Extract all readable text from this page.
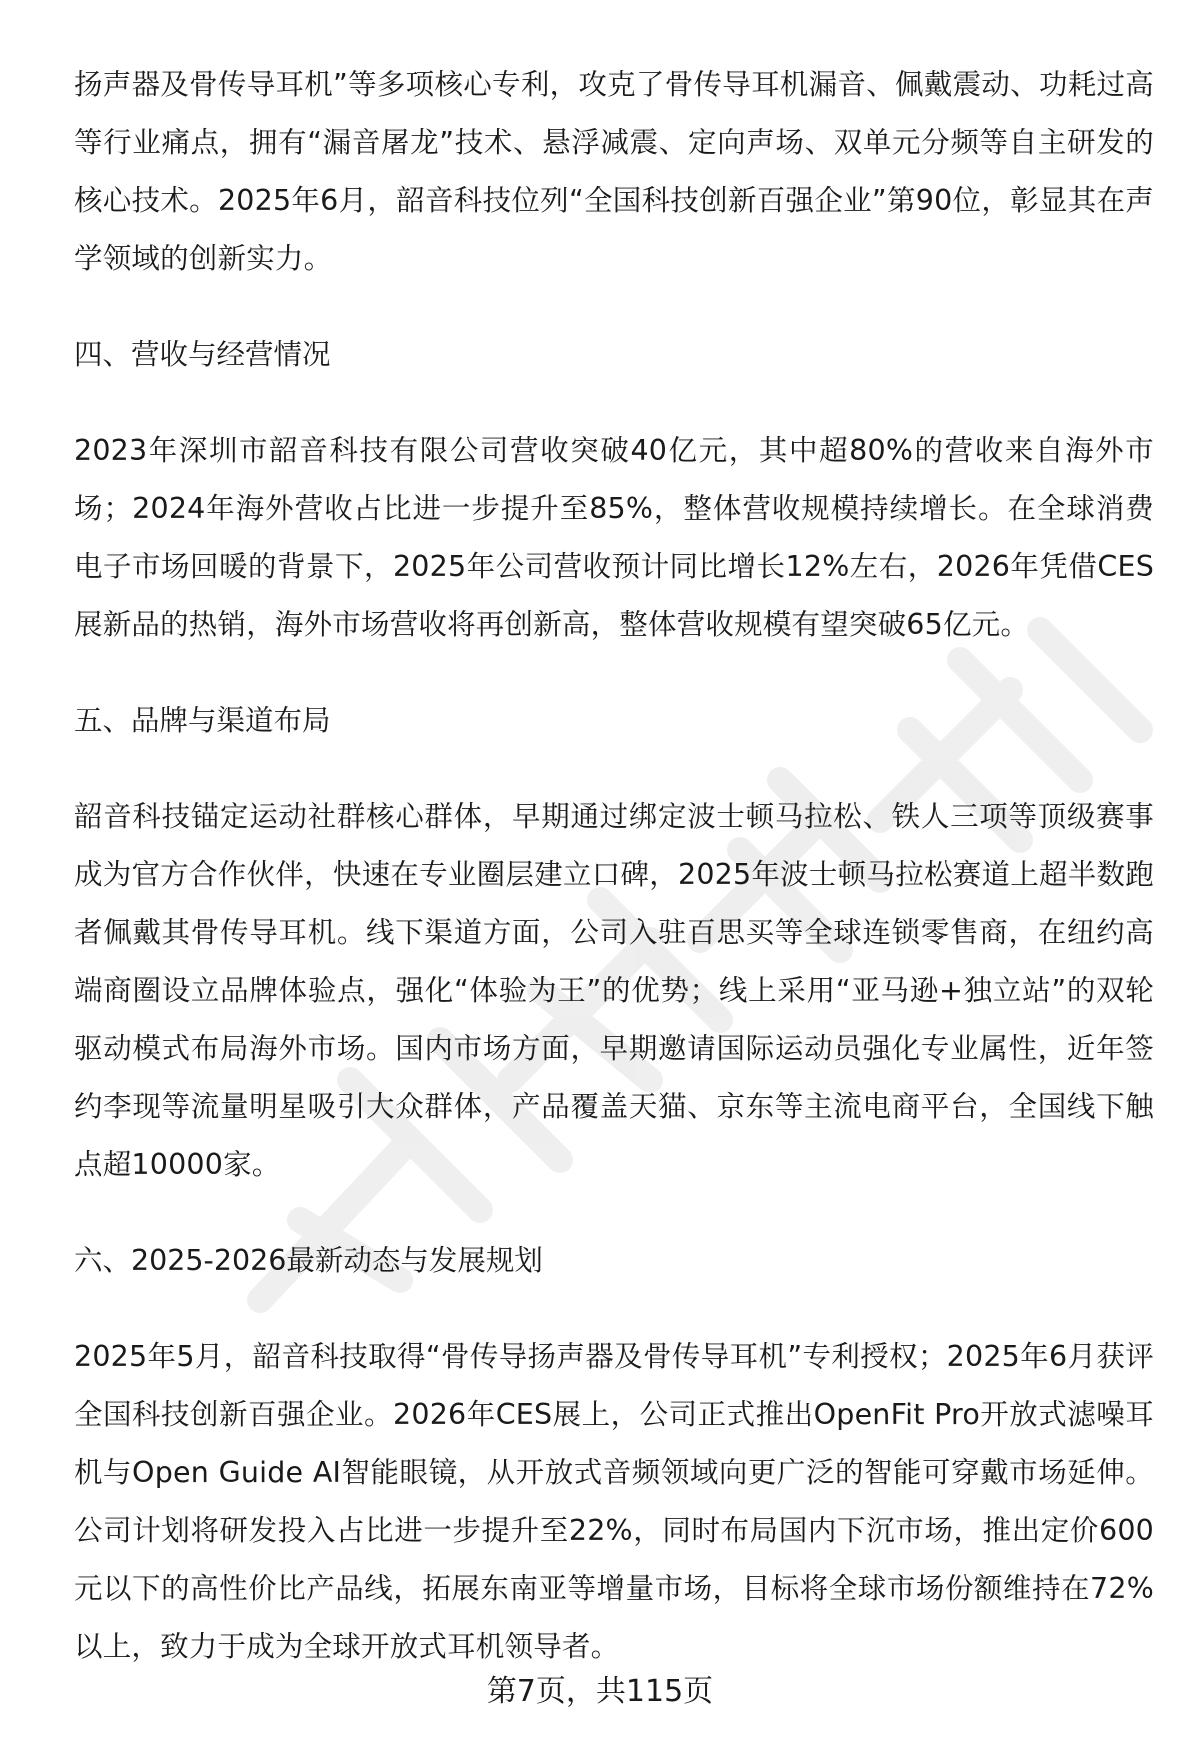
扬声器及骨传导耳机”等多项核心专利，攻克了骨传导耳机漏音、佩戴震动、功耗过高等行业痛点，拥有“漏音屠龙”技术、悬浮减震、定向声场、双单元分频等自主研发的核心技术。2025年6月，韶音科技位列“全国科技创新百强企业”第90位，彰显其在声学领域的创新实力。

四、营收与经营情况

2023年深圳市韶音科技有限公司营收突破40亿元，其中超80%的营收来自海外市场；2024年海外营收占比进一步提升至85%，整体营收规模持续增长。在全球消费电子市场回暖的背景下，2025年公司营收预计同比增长12%左右，2026年凭借CES展新品的热销，海外市场营收将再创新高，整体营收规模有望突破65亿元。

五、品牌与渠道布局

韶音科技锚定运动社群核心群体，早期通过绑定波士顿马拉松、铁人三项等顶级赛事成为官方合作伙伴，快速在专业圈层建立口碑，2025年波士顿马拉松赛道上超半数跑者佩戴其骨传导耳机。线下渠道方面，公司入驻百思买等全球连锁零售商，在纽约高端商圈设立品牌体验点，强化“体验为王”的优势；线上采用“亚马逊+独立站”的双轮驱动模式布局海外市场。国内市场方面，早期邀请国际运动员强化专业属性，近年签约李现等流量明星吸引大众群体，产品覆盖天猫、京东等主流电商平台，全国线下触点超10000家。

六、2025-2026最新动态与发展规划

2025年5月，韶音科技取得“骨传导扬声器及骨传导耳机”专利授权；2025年6月获评全国科技创新百强企业。2026年CES展上，公司正式推出OpenFit Pro开放式滤噪耳机与Open Guide AI智能眼镜，从开放式音频领域向更广泛的智能可穿戴市场延伸。公司计划将研发投入占比进一步提升至22%，同时布局国内下沉市场，推出定价600元以下的高性价比产品线，拓展东南亚等增量市场，目标将全球市场份额维持在72%以上，致力于成为全球开放式耳机领导者。

第7页，共115页
